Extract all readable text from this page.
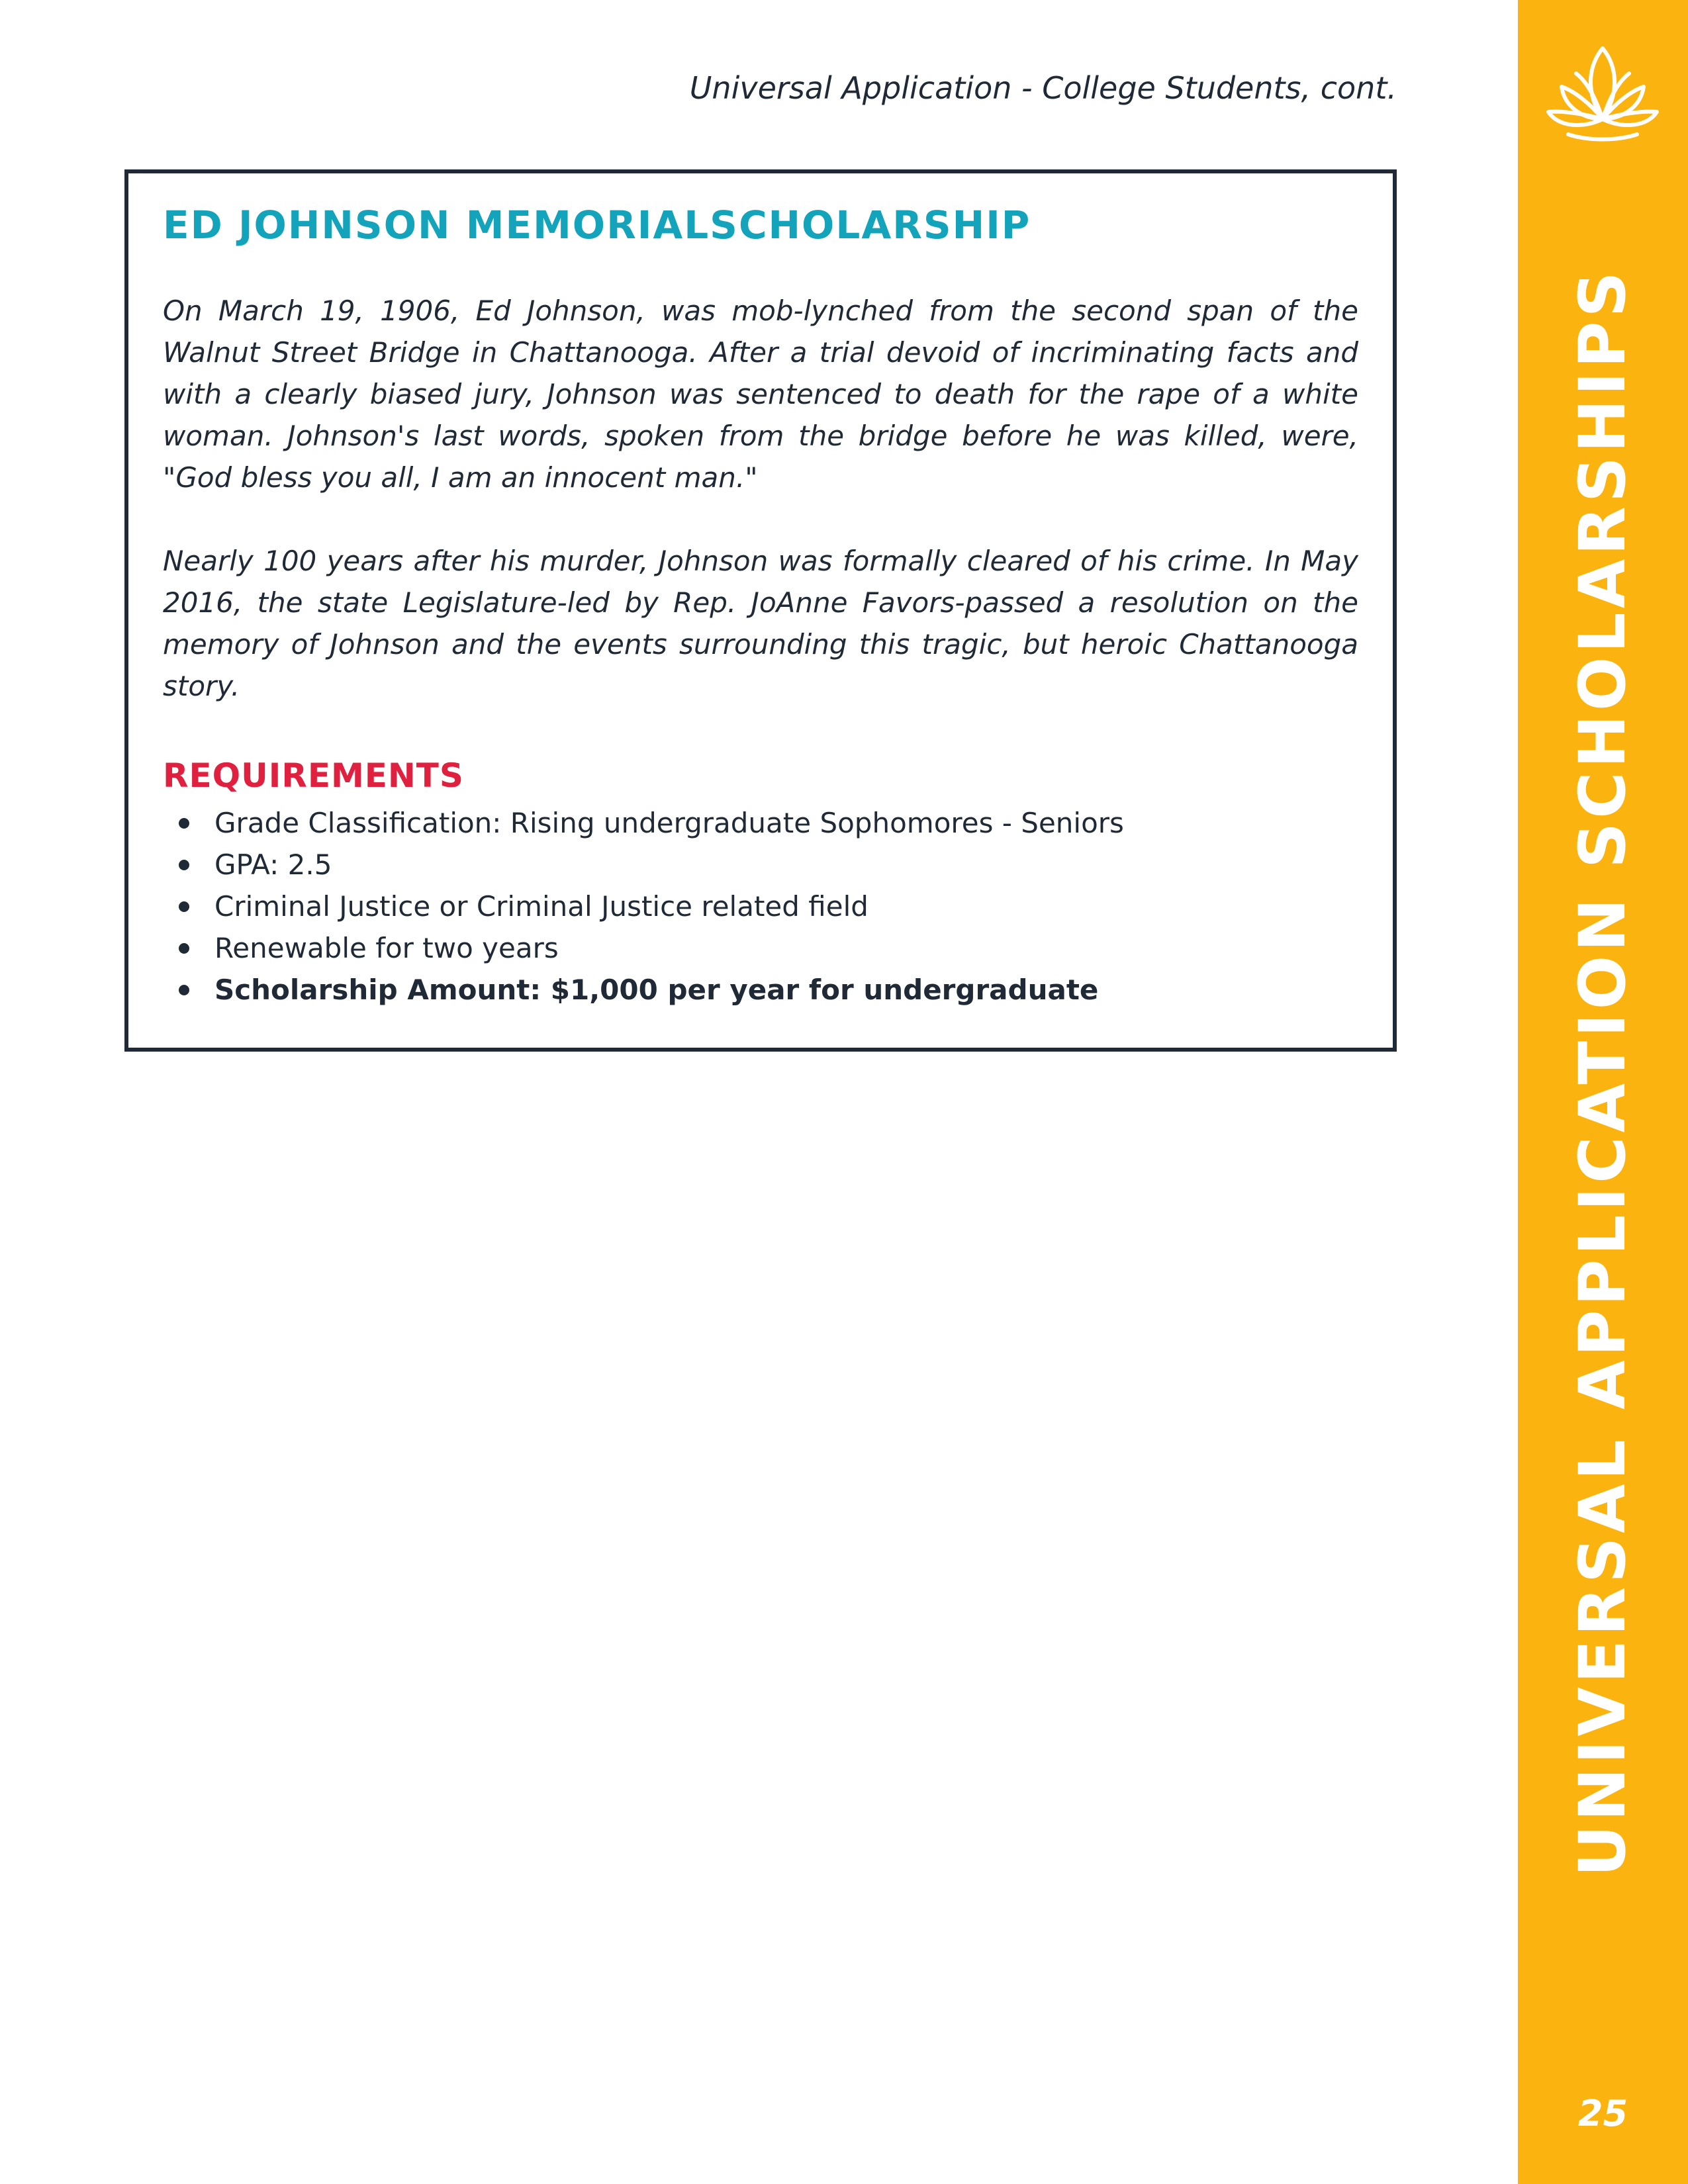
Universal Application - College Students, cont.
ED JOHNSON MEMORIALSCHOLARSHIP

On March 19, 1906, Ed Johnson, was mob-lynched from the second span of the Walnut Street Bridge in Chattanooga. After a trial devoid of incriminating facts and with a clearly biased jury, Johnson was sentenced to death for the rape of a white woman. Johnson's last words, spoken from the bridge before he was killed, were, "God bless you all, I am an innocent man."

Nearly 100 years after his murder, Johnson was formally cleared of his crime. In May 2016, the state Legislature-led by Rep. JoAnne Favors-passed a resolution on the memory of Johnson and the events surrounding this tragic, but heroic Chattanooga story.

REQUIREMENTS
Grade Classification: Rising undergraduate Sophomores - Seniors
GPA: 2.5
Criminal Justice or Criminal Justice related field
Renewable for two years
Scholarship Amount: $1,000 per year for undergraduate	UNIVERSAL APPLICATION SCHOLARSHIPS
25
